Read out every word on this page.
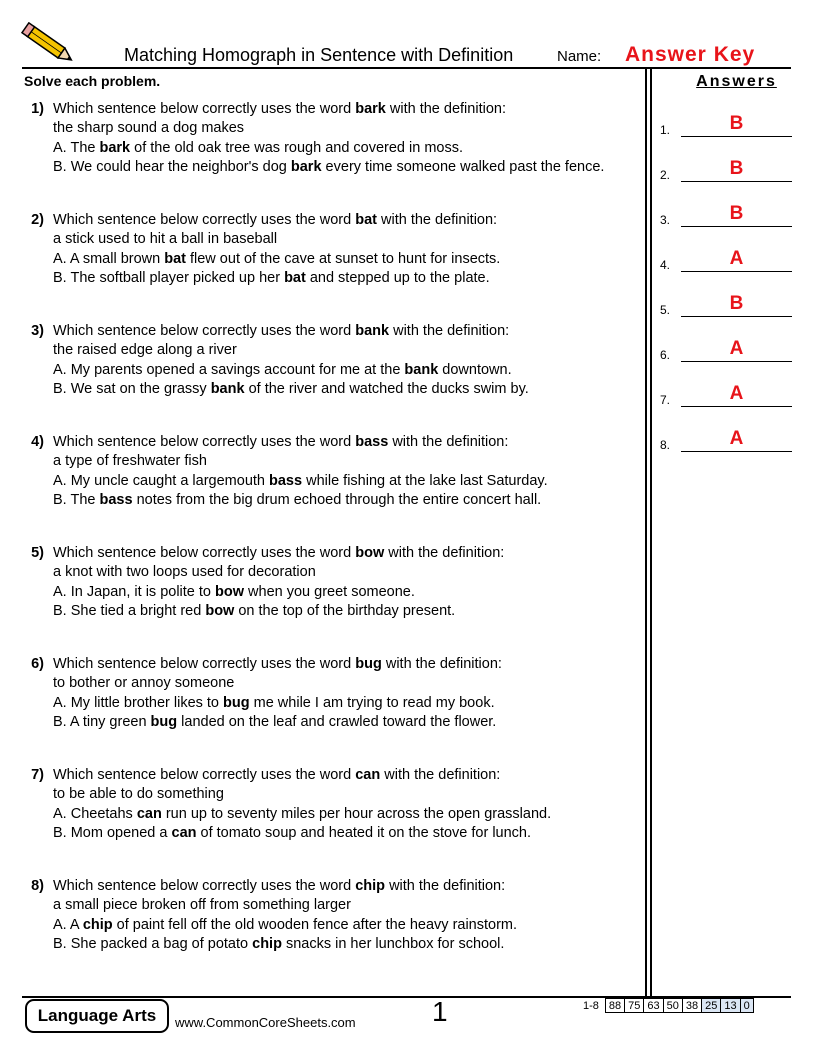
Matching Homograph in Sentence with Definition	Name: Answer Key
Solve each problem.	Answers
1) Which sentence below correctly uses the word bark with the definition:
the sharp sound a dog makes
A. The bark of the old oak tree was rough and covered in moss.
B. We could hear the neighbor's dog bark every time someone walked past the fence.
2) Which sentence below correctly uses the word bat with the definition:
a stick used to hit a ball in baseball
A. A small brown bat flew out of the cave at sunset to hunt for insects.
B. The softball player picked up her bat and stepped up to the plate.
3) Which sentence below correctly uses the word bank with the definition:
the raised edge along a river
A. My parents opened a savings account for me at the bank downtown.
B. We sat on the grassy bank of the river and watched the ducks swim by.
4) Which sentence below correctly uses the word bass with the definition:
a type of freshwater fish
A. My uncle caught a largemouth bass while fishing at the lake last Saturday.
B. The bass notes from the big drum echoed through the entire concert hall.
5) Which sentence below correctly uses the word bow with the definition:
a knot with two loops used for decoration
A. In Japan, it is polite to bow when you greet someone.
B. She tied a bright red bow on the top of the birthday present.
6) Which sentence below correctly uses the word bug with the definition:
to bother or annoy someone
A. My little brother likes to bug me while I am trying to read my book.
B. A tiny green bug landed on the leaf and crawled toward the flower.
7) Which sentence below correctly uses the word can with the definition:
to be able to do something
A. Cheetahs can run up to seventy miles per hour across the open grassland.
B. Mom opened a can of tomato soup and heated it on the stove for lunch.
8) Which sentence below correctly uses the word chip with the definition:
a small piece broken off from something larger
A. A chip of paint fell off the old wooden fence after the heavy rainstorm.
B. She packed a bag of potato chip snacks in her lunchbox for school.
1.	B
2.	B
3.	B
4.	A
5.	B
6.	A
7.	A
8.	A
Language Arts	www.CommonCoreSheets.com	1	1-8	88	75	63	50	38	25	13	0
